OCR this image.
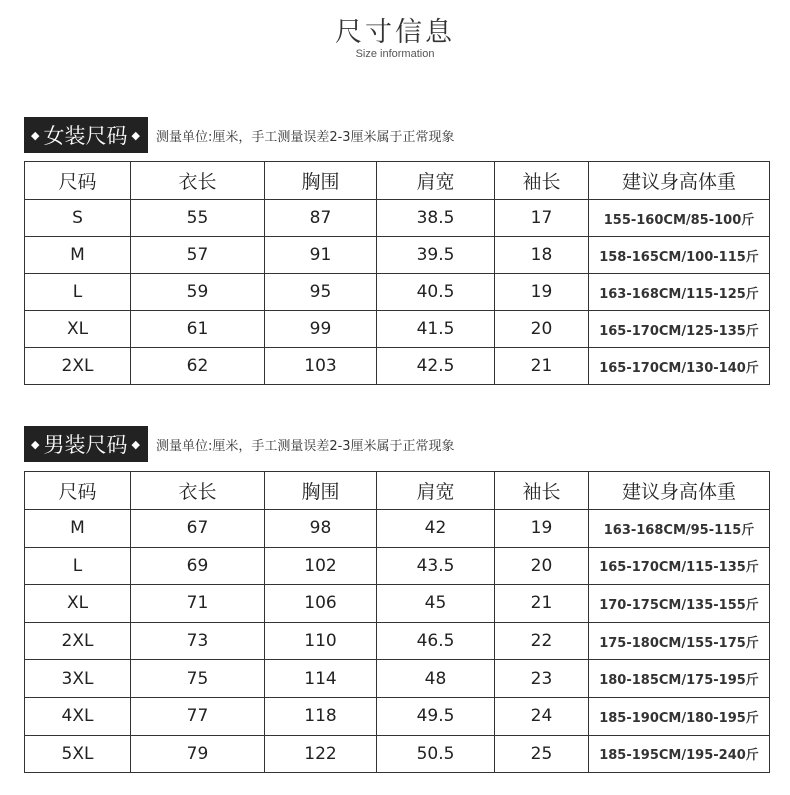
尺寸信息
Size information
◆ 女装尺码 ◆ 测量单位:厘米，手工测量误差2-3厘米属于正常现象
尺码	衣长	胸围	肩宽	袖长	建议身高体重
S	55	87	38.5	17	155-160CM/85-100斤
M	57	91	39.5	18	158-165CM/100-115斤
L	59	95	40.5	19	163-168CM/115-125斤
XL	61	99	41.5	20	165-170CM/125-135斤
2XL	62	103	42.5	21	165-170CM/130-140斤
◆ 男装尺码 ◆ 测量单位:厘米，手工测量误差2-3厘米属于正常现象
尺码	衣长	胸围	肩宽	袖长	建议身高体重
M	67	98	42	19	163-168CM/95-115斤
L	69	102	43.5	20	165-170CM/115-135斤
XL	71	106	45	21	170-175CM/135-155斤
2XL	73	110	46.5	22	175-180CM/155-175斤
3XL	75	114	48	23	180-185CM/175-195斤
4XL	77	118	49.5	24	185-190CM/180-195斤
5XL	79	122	50.5	25	185-195CM/195-240斤
